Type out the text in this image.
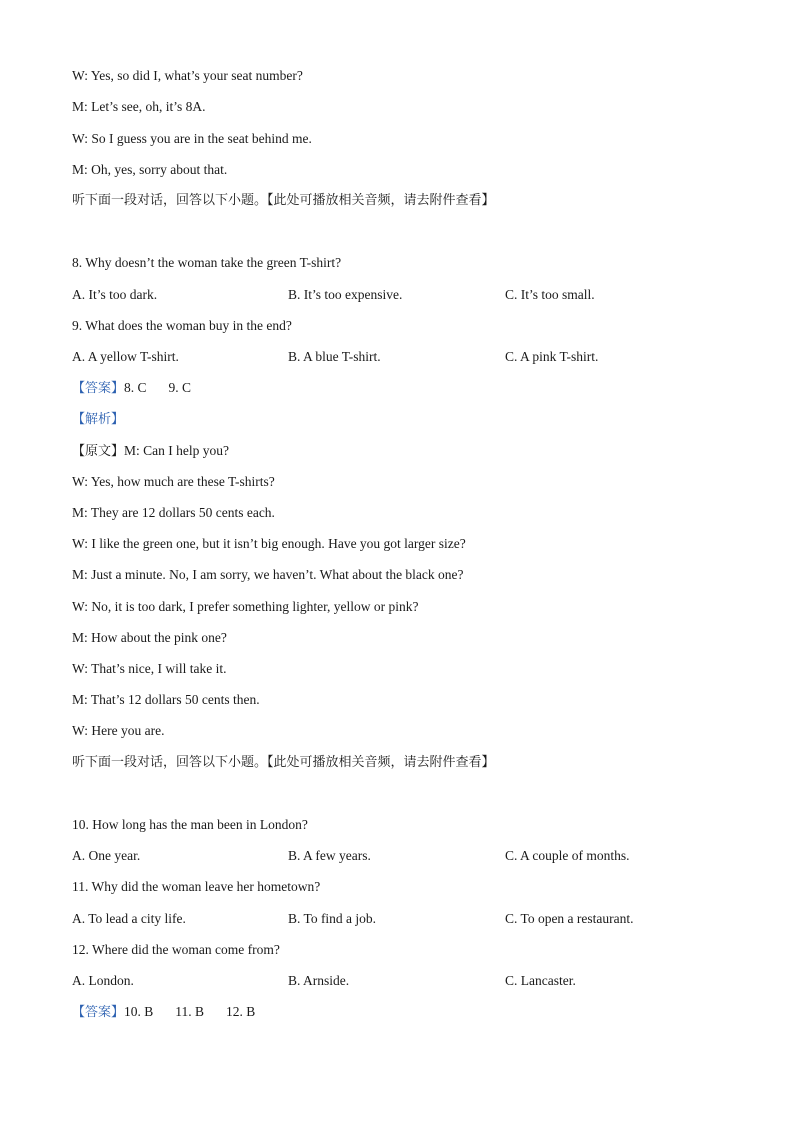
W: Yes, so did I, what’s your seat number?
M: Let’s see, oh, it’s 8A.
W: So I guess you are in the seat behind me.
M: Oh, yes, sorry about that.
听下面一段对话，回答以下小题。【此处可播放相关音频，请去附件查看】
8. Why doesn’t the woman take the green T-shirt?
A. It’s too dark.	B. It’s too expensive.	C. It’s too small.
9. What does the woman buy in the end?
A. A yellow T-shirt.	B. A blue T-shirt.	C. A pink T-shirt.
【答案】8. C 9. C
【解析】
【原文】M: Can I help you?
W: Yes, how much are these T-shirts?
M: They are 12 dollars 50 cents each.
W: I like the green one, but it isn’t big enough. Have you got larger size?
M: Just a minute. No, I am sorry, we haven’t. What about the black one?
W: No, it is too dark, I prefer something lighter, yellow or pink?
M: How about the pink one?
W: That’s nice, I will take it.
M: That’s 12 dollars 50 cents then.
W: Here you are.
听下面一段对话，回答以下小题。【此处可播放相关音频，请去附件查看】
10. How long has the man been in London?
A. One year.	B. A few years.	C. A couple of months.
11. Why did the woman leave her hometown?
A. To lead a city life.	B. To find a job.	C. To open a restaurant.
12. Where did the woman come from?
A. London.	B. Arnside.	C. Lancaster.
【答案】10. B 11. B 12. B
